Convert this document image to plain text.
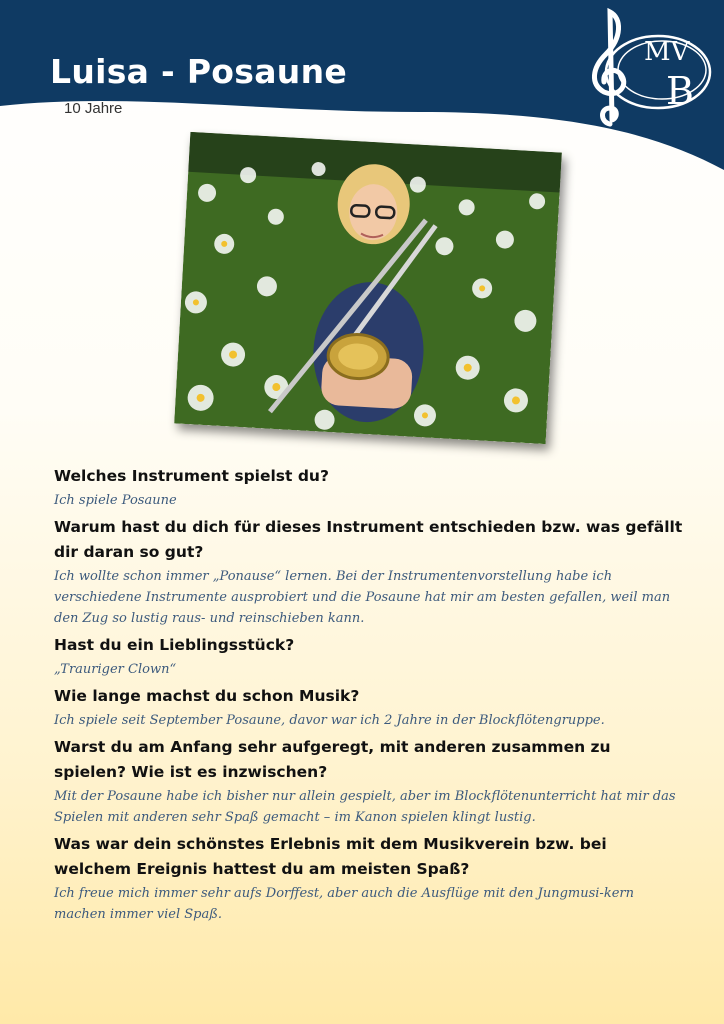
Luisa - Posaune
10 Jahre
MV
B

Welches Instrument spielst du?

Ich spiele Posaune

Warum hast du dich für dieses Instrument entschieden bzw. was gefällt dir daran so gut?

Ich wollte schon immer „Ponause“ lernen. Bei der Instrumentenvorstellung habe ich verschiedene Instrumente ausprobiert und die Posaune hat mir am besten gefallen, weil man den Zug so lustig raus- und reinschieben kann.

Hast du ein Lieblingsstück?

„Trauriger Clown“

Wie lange machst du schon Musik?

Ich spiele seit September Posaune, davor war ich 2 Jahre in der Blockflötengruppe.

Warst du am Anfang sehr aufgeregt, mit anderen zusammen zu spielen? Wie ist es inzwischen?

Mit der Posaune habe ich bisher nur allein gespielt, aber im Blockflötenunterricht hat mir das Spielen mit anderen sehr Spaß gemacht – im Kanon spielen klingt lustig.

Was war dein schönstes Erlebnis mit dem Musikverein bzw. bei welchem Ereignis hattest du am meisten Spaß?

Ich freue mich immer sehr aufs Dorffest, aber auch die Ausflüge mit den Jungmusi-kern machen immer viel Spaß.
